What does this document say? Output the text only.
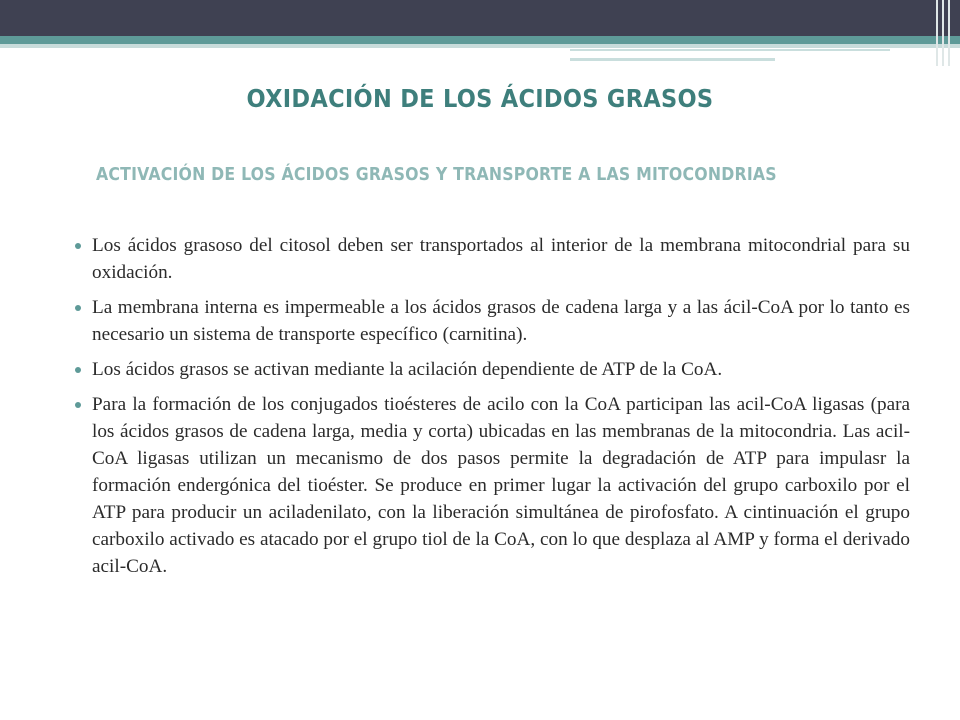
OXIDACIÓN DE LOS ÁCIDOS GRASOS
ACTIVACIÓN DE LOS ÁCIDOS GRASOS Y TRANSPORTE A LAS MITOCONDRIAS
Los ácidos grasoso del citosol deben ser transportados al interior de la membrana mitocondrial para su oxidación.
La membrana interna es impermeable a los ácidos grasos de cadena larga y a las ácil-CoA por lo tanto es necesario un sistema de transporte específico (carnitina).
Los ácidos grasos se activan mediante la acilación dependiente de ATP de la CoA.
Para la formación de los conjugados tioésteres de acilo con la CoA participan las acil-CoA ligasas (para los ácidos grasos de cadena larga, media y corta) ubicadas en las membranas de la mitocondria. Las acil-CoA ligasas utilizan un mecanismo de dos pasos permite la degradación de ATP para impulasr la formación endergónica del tioéster. Se produce en primer lugar la activación del grupo carboxilo por el ATP para producir un aciladenilato, con la liberación simultánea de pirofosfato. A cintinuación el grupo carboxilo activado es atacado por el grupo tiol de la CoA, con lo que desplaza al AMP y forma el derivado acil-CoA.
